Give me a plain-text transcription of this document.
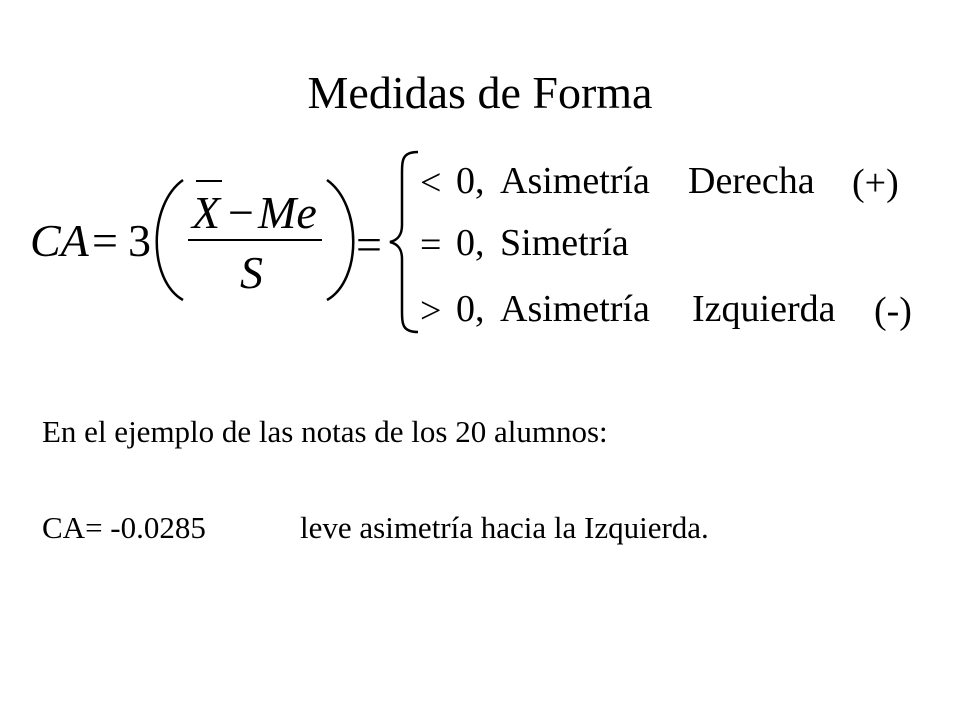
Medidas de Forma
CA = 3
X − Me
S
=
< 0, Asimetría Derecha (+)
= 0, Simetría
> 0, Asimetría Izquierda (-)
En el ejemplo de las notas de los 20 alumnos:
CA= -0.0285	leve asimetría hacia la Izquierda.
